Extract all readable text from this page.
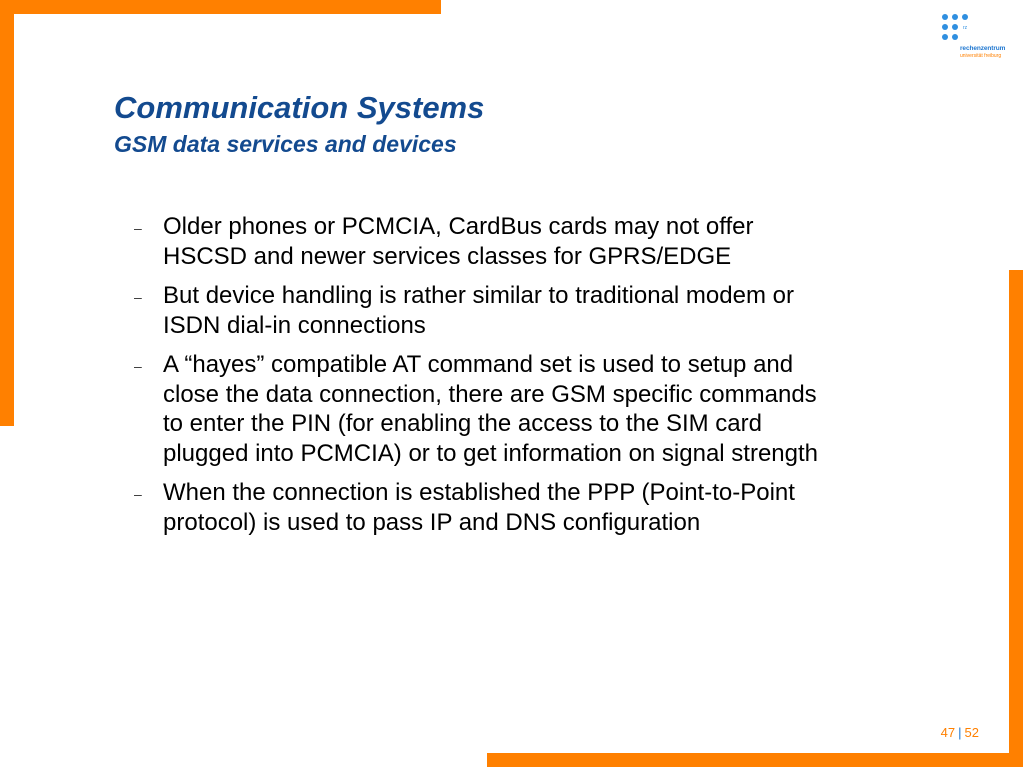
rz
rechenzentrum
universität freiburg
Communication Systems
GSM data services and devices
– Older phones or PCMCIA, CardBus cards may not offer
HSCSD and newer services classes for GPRS/EDGE
– But device handling is rather similar to traditional modem or
ISDN dial-in connections
– A “hayes” compatible AT command set is used to setup and
close the data connection, there are GSM specific commands
to enter the PIN (for enabling the access to the SIM card
plugged into PCMCIA) or to get information on signal strength
– When the connection is established the PPP (Point-to-Point
protocol) is used to pass IP and DNS configuration
47 | 52
